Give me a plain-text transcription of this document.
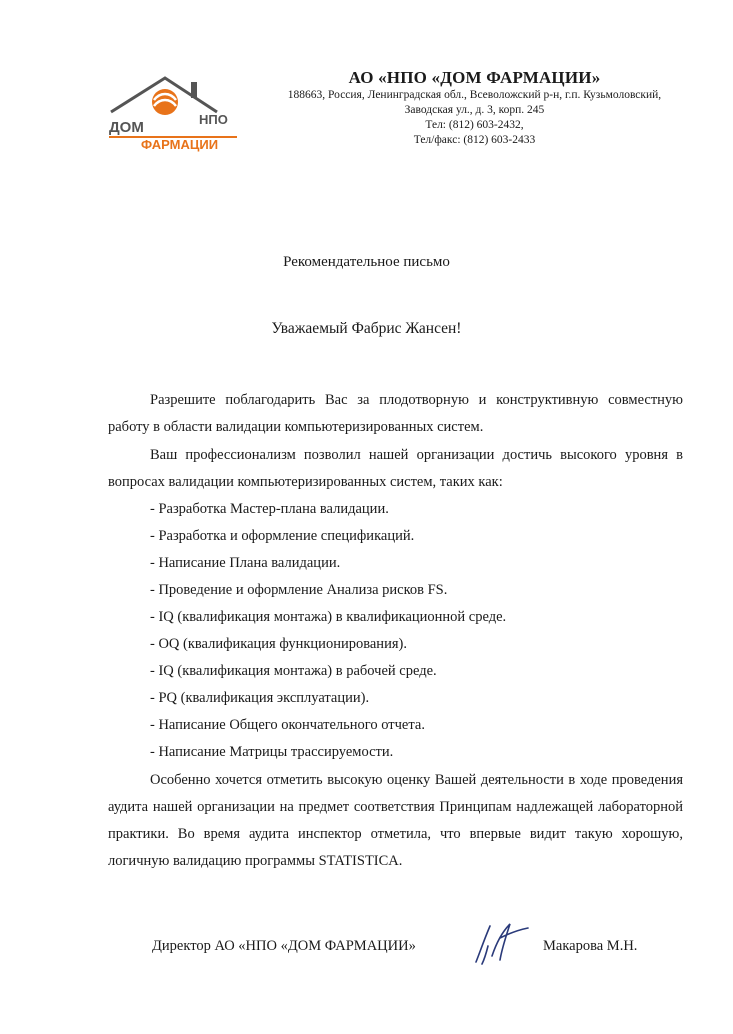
ДОМ	НПО
ФАРМАЦИИ
АО «НПО «ДОМ ФАРМАЦИИ»
188663, Россия, Ленинградская обл., Всеволожский р-н, г.п. Кузьмоловский,
Заводская ул., д. 3, корп. 245
Тел: (812) 603-2432,
Тел/факс: (812) 603-2433
Рекомендательное письмо
Уважаемый Фабрис Жансен!

Разрешите поблагодарить Вас за плодотворную и конструктивную совместную работу в области валидации компьютеризированных систем.

Ваш профессионализм позволил нашей организации достичь высокого уровня в вопросах валидации компьютеризированных систем, таких как:

- Разработка Мастер-плана валидации.
- Разработка и оформление спецификаций.
- Написание Плана валидации.
- Проведение и оформление Анализа рисков FS.
- IQ (квалификация монтажа) в квалификационной среде.
- OQ (квалификация функционирования).
- IQ (квалификация монтажа) в рабочей среде.
- PQ (квалификация эксплуатации).
- Написание Общего окончательного отчета.
- Написание Матрицы трассируемости.

Особенно хочется отметить высокую оценку Вашей деятельности в ходе проведения аудита нашей организации на предмет соответствия Принципам надлежащей лабораторной практики. Во время аудита инспектор отметила, что впервые видит такую хорошую, логичную валидацию программы STATISTICA.

Директор АО «НПО «ДОМ ФАРМАЦИИ»	Макарова М.Н.
